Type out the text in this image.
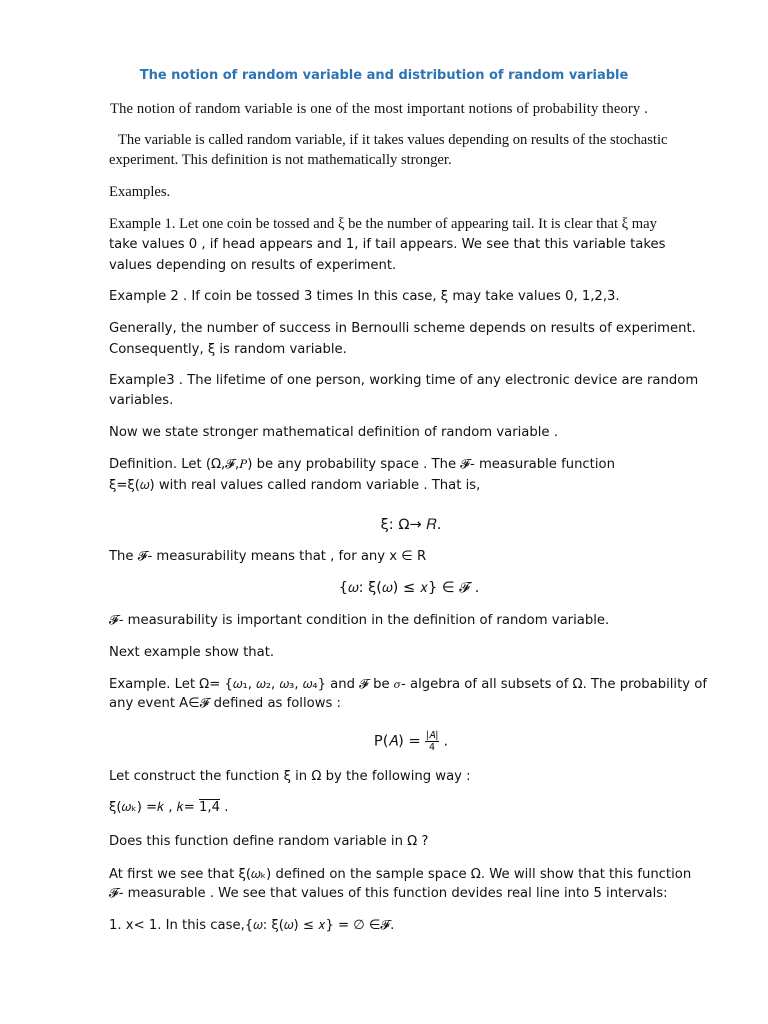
The notion of random variable and distribution of random variable
The notion of random variable is one of the most important notions of probability theory .
The variable is called random variable, if it takes values depending on results of the stochastic
experiment. This definition is not mathematically stronger.
Examples.
Example 1. Let one coin be tossed and ξ be the number of appearing tail. It is clear that ξ may
take values 0 , if head appears and 1, if tail appears. We see that this variable takes
values depending on results of experiment.
Example 2 . If coin be tossed 3 times In this case, ξ may take values 0, 1,2,3.
Generally, the number of success in Bernoulli scheme depends on results of experiment.
Consequently, ξ is random variable.
Example3 . The lifetime of one person, working time of any electronic device are random
variables.
Now we state stronger mathematical definition of random variable .
Definition. Let (Ω,𝓕,𝑃) be any probability space . The 𝓕- measurable function
ξ=ξ(𝜔) with real values called random variable . That is,
ξ: Ω→ 𝑅.
The 𝓕- measurability means that , for any x ∈ R
{𝜔: ξ(𝜔) ≤ 𝑥} ∈ 𝓕 .
𝓕- measurability is important condition in the definition of random variable.
Next example show that.
Example. Let Ω= {𝜔₁, 𝜔₂, 𝜔₃, 𝜔₄} and 𝓕 be 𝜎- algebra of all subsets of Ω. The probability of
any event A∈𝓕 defined as follows :
P(𝐴) = $\frac{\text{|𝐴|}}{4}$ .
Let construct the function ξ in Ω by the following way :
ξ(𝜔ₖ) =𝑘 , 𝑘= 1,4 .
Does this function define random variable in Ω ?
At first we see that ξ(𝜔ₖ) defined on the sample space Ω. We will show that this function
𝓕- measurable . We see that values of this function devides real line into 5 intervals:
1. x< 1. In this case,{𝜔: ξ(𝜔) ≤ 𝑥} = ∅ ∈𝓕.
